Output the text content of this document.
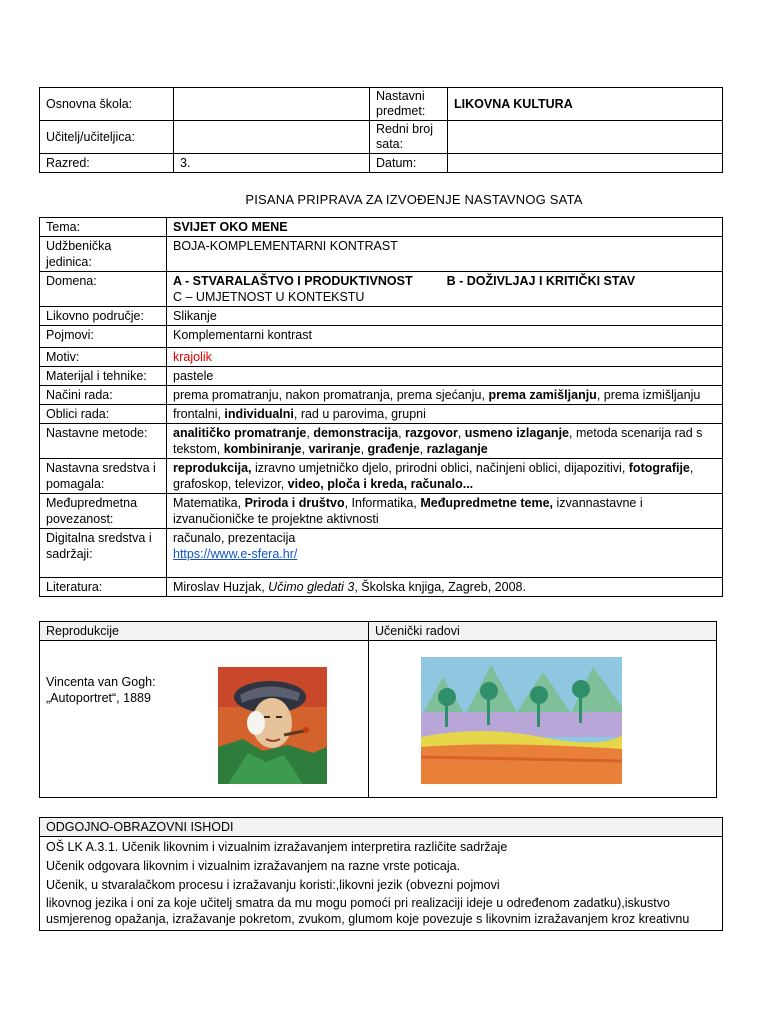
Osnovna škola:		Nastavni predmet:	LIKOVNA KULTURA
Učitelj/učiteljica:		Redni broj sata:	
Razred:	3.	Datum:	
PISANA PRIPRAVA ZA IZVOĐENJE NASTAVNOG SATA
Tema:	SVIJET OKO MENE
Udžbenička jedinica:	BOJA-KOMPLEMENTARNI KONTRAST
Domena:	A - STVARALAŠTVO I PRODUKTIVNOST B - DOŽIVLJAJ I KRITIČKI STAV
C – UMJETNOST U KONTEKSTU
Likovno područje:	Slikanje
Pojmovi:	Komplementarni kontrast
Motiv:	krajolik
Materijal i tehnike:	pastele
Načini rada:	prema promatranju, nakon promatranja, prema sjećanju, prema zamišljanju, prema izmišljanju
Oblici rada:	frontalni, individualni, rad u parovima, grupni
Nastavne metode:	analitičko promatranje, demonstracija, razgovor, usmeno izlaganje, metoda scenarija rad s tekstom, kombiniranje, variranje, građenje, razlaganje
Nastavna sredstva i pomagala:	reprodukcija, izravno umjetničko djelo, prirodni oblici, načinjeni oblici, dijapozitivi, fotografije, grafoskop, televizor, video, ploča i kreda, računalo...
Međupredmetna povezanost:	Matematika, Priroda i društvo, Informatika, Međupredmetne teme, izvannastavne i izvanučioničke te projektne aktivnosti
Digitalna sredstva i sadržaji:	računalo, prezentacija
https://www.e-sfera.hr/
Literatura:	Miroslav Huzjak, Učimo gledati 3, Školska knjiga, Zagreb, 2008.
Reprodukcije	Učenički radovi

Vincenta van Gogh:
„Autoportret“, 1889

ODGOJNO-OBRAZOVNI ISHODI

OŠ LK A.3.1. Učenik likovnim i vizualnim izražavanjem interpretira različite sadržaje
Učenik odgovara likovnim i vizualnim izražavanjem na razne vrste poticaja.
Učenik, u stvaralačkom procesu i izražavanju koristi:,likovni jezik (obvezni pojmovi
likovnog jezika i oni za koje učitelj smatra da mu mogu pomoći pri realizaciji ideje u određenom zadatku),iskustvo usmjerenog opažanja, izražavanje pokretom, zvukom, glumom koje povezuje s likovnim izražavanjem kroz kreativnu
